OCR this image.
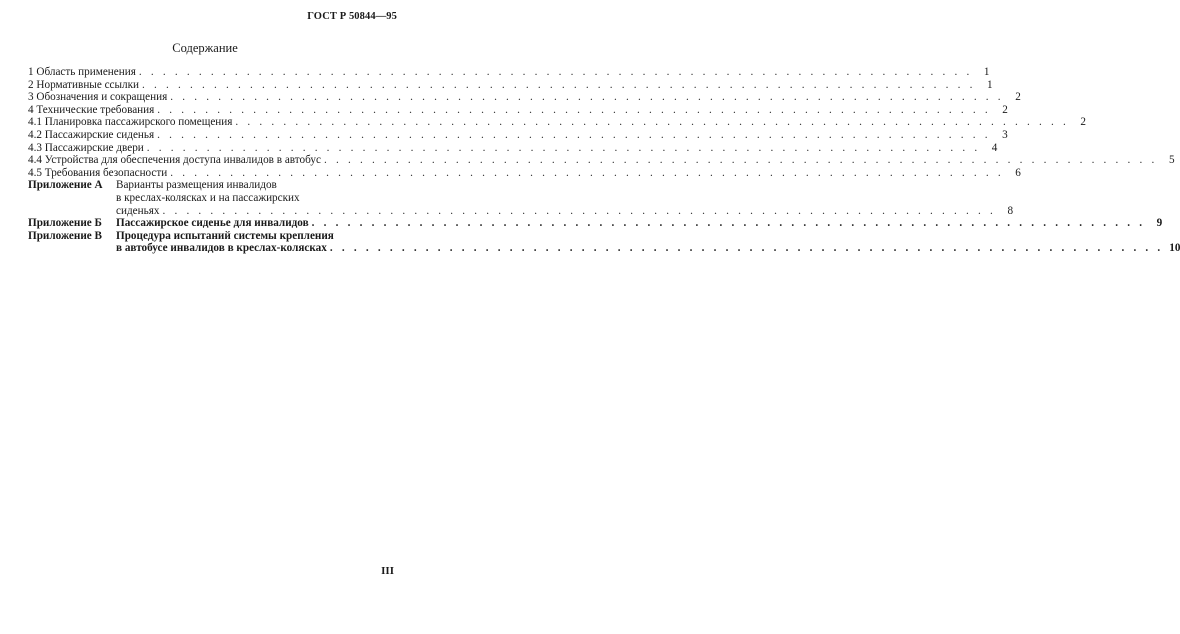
ГОСТ Р 50844—95
Содержание
1 Область применения . . .	1
2 Нормативные ссылки . . .	1
3 Обозначения и сокращения . . .	2
4 Технические требования . . .	2
4.1 Планировка пассажирского помещения . . .	2
4.2 Пассажирские сиденья . . .	3
4.3 Пассажирские двери . . .	4
4.4 Устройства для обеспечения доступа инвалидов в автобус . . .	5
4.5 Требования безопасности . . .	6
Приложение А	Варианты размещения инвалидов
в креслах-колясках и на пассажирских
сиденьях . . .	8
Приложение Б	Пассажирское сиденье для инвалидов . . .	9
Приложение В	Процедура испытаний системы крепления
в автобусе инвалидов в креслах-колясках . . .	10
III
